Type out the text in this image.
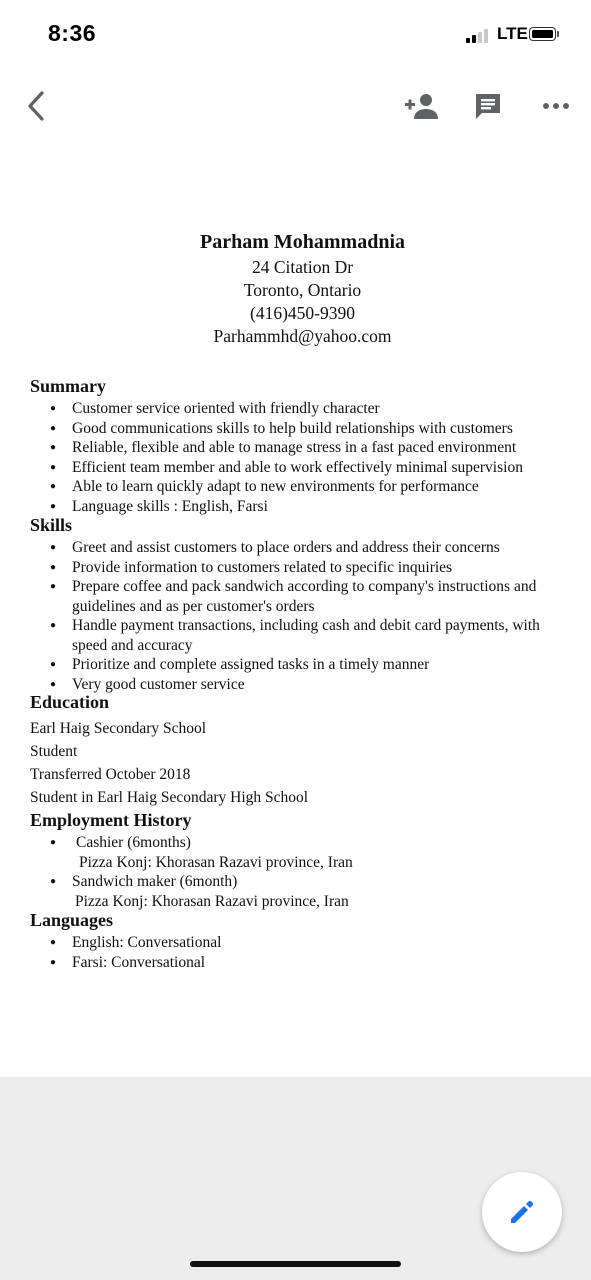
8:36	LTE
Parham Mohammadnia
24 Citation Dr
Toronto, Ontario
(416)450-9390
Parhammhd@yahoo.com
Summary
● Customer service oriented with friendly character
● Good communications skills to help build relationships with customers
● Reliable, flexible and able to manage stress in a fast paced environment
● Efficient team member and able to work effectively minimal supervision
● Able to learn quickly adapt to new environments for performance
● Language skills : English, Farsi
Skills
● Greet and assist customers to place orders and address their concerns
● Provide information to customers related to specific inquiries
● Prepare coffee and pack sandwich according to company's instructions and guidelines and as per customer's orders
● Handle payment transactions, including cash and debit card payments, with speed and accuracy
● Prioritize and complete assigned tasks in a timely manner
● Very good customer service
Education
Earl Haig Secondary School
Student
Transferred October 2018
Student in Earl Haig Secondary High School
Employment History
● Cashier (6months)
Pizza Konj: Khorasan Razavi province, Iran
● Sandwich maker (6month)
Pizza Konj: Khorasan Razavi province, Iran
Languages
● English: Conversational
● Farsi: Conversational
